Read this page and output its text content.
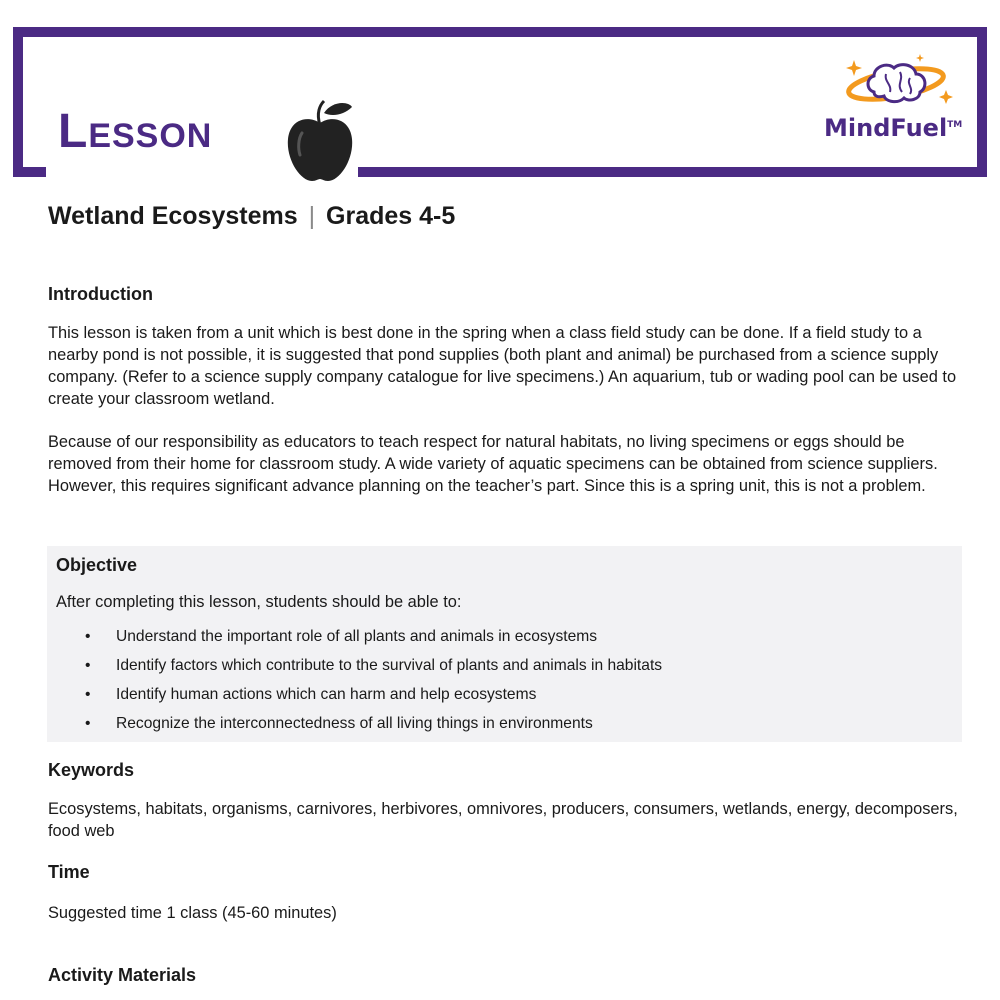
Lesson	MindFuel™
Wetland Ecosystems | Grades 4-5
Introduction

This lesson is taken from a unit which is best done in the spring when a class field study can be done. If a field study to a nearby pond is not possible, it is suggested that pond supplies (both plant and animal) be purchased from a science supply company. (Refer to a science supply company catalogue for live specimens.) An aquarium, tub or wading pool can be used to create your classroom wetland.

Because of our responsibility as educators to teach respect for natural habitats, no living specimens or eggs should be removed from their home for classroom study. A wide variety of aquatic specimens can be obtained from science suppliers. However, this requires significant advance planning on the teacher’s part. Since this is a spring unit, this is not a problem.

Objective

After completing this lesson, students should be able to:

• Understand the important role of all plants and animals in ecosystems
• Identify factors which contribute to the survival of plants and animals in habitats
• Identify human actions which can harm and help ecosystems
• Recognize the interconnectedness of all living things in environments
Keywords

Ecosystems, habitats, organisms, carnivores, herbivores, omnivores, producers, consumers, wetlands, energy, decomposers, food web

Time

Suggested time 1 class (45-60 minutes)

Activity Materials
